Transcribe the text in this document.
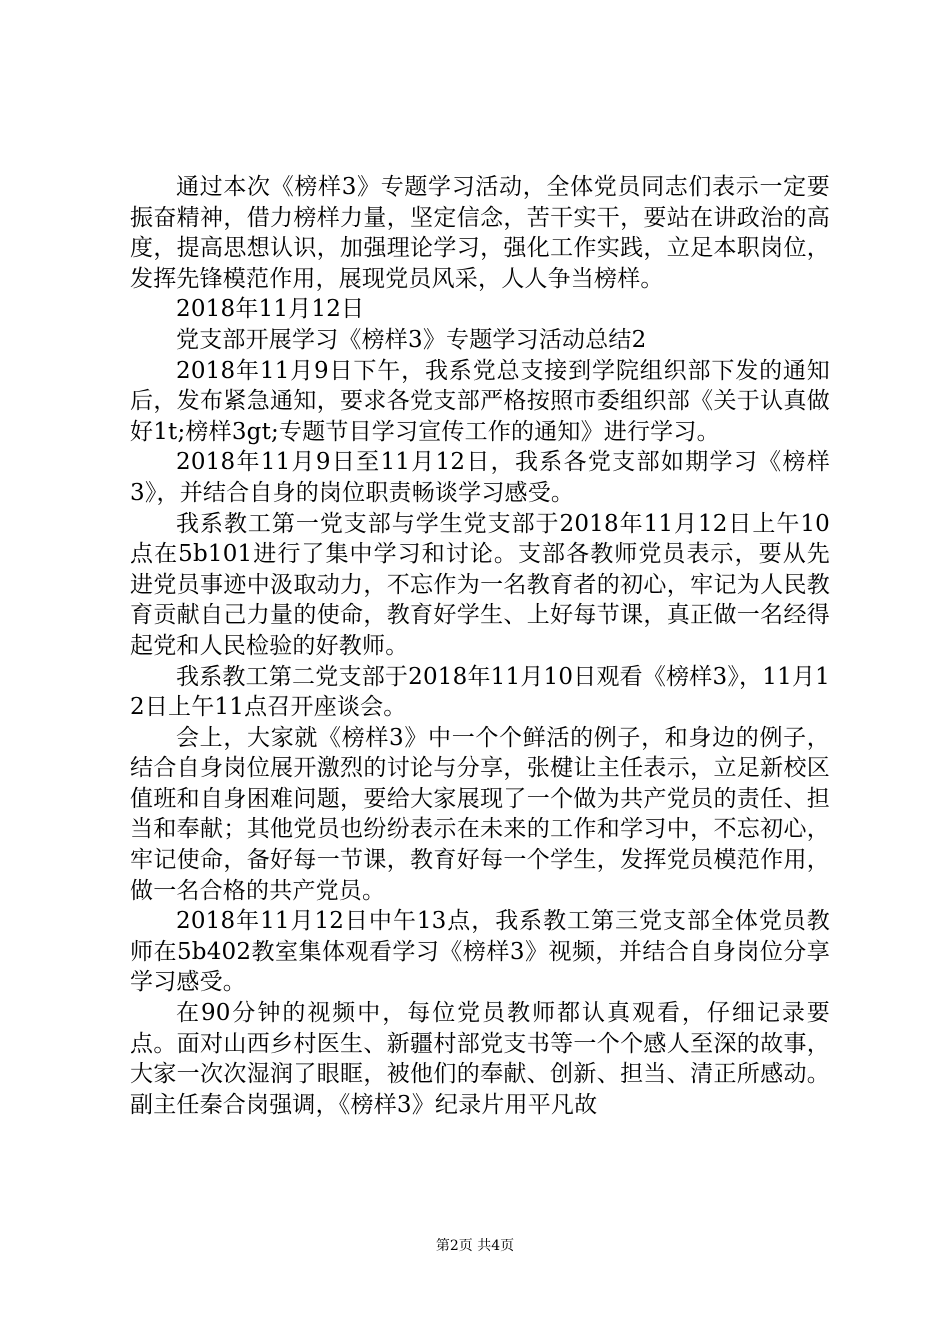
通过本次《榜样3》专题学习活动，全体党员同志们表示一定要振奋精神，借力榜样力量，坚定信念，苦干实干，要站在讲政治的高度，提高思想认识，加强理论学习，强化工作实践，立足本职岗位，发挥先锋模范作用，展现党员风采，人人争当榜样。

2018年11月12日

党支部开展学习《榜样3》专题学习活动总结2

2018年11月9日下午，我系党总支接到学院组织部下发的通知后，发布紧急通知，要求各党支部严格按照市委组织部《关于认真做好1t;榜样3gt;专题节目学习宣传工作的通知》进行学习。

2018年11月9日至11月12日，我系各党支部如期学习《榜样3》，并结合自身的岗位职责畅谈学习感受。

我系教工第一党支部与学生党支部于2018年11月12日上午10点在5b101进行了集中学习和讨论。支部各教师党员表示，要从先进党员事迹中汲取动力，不忘作为一名教育者的初心，牢记为人民教育贡献自己力量的使命，教育好学生、上好每节课，真正做一名经得起党和人民检验的好教师。

我系教工第二党支部于2018年11月10日观看《榜样3》，11月12日上午11点召开座谈会。

会上，大家就《榜样3》中一个个鲜活的例子，和身边的例子，结合自身岗位展开激烈的讨论与分享，张楗让主任表示，立足新校区值班和自身困难问题，要给大家展现了一个做为共产党员的责任、担当和奉献；其他党员也纷纷表示在未来的工作和学习中，不忘初心，牢记使命，备好每一节课，教育好每一个学生，发挥党员模范作用，做一名合格的共产党员。

2018年11月12日中午13点，我系教工第三党支部全体党员教师在5b402教室集体观看学习《榜样3》视频，并结合自身岗位分享学习感受。

在90分钟的视频中，每位党员教师都认真观看，仔细记录要点。面对山西乡村医生、新疆村部党支书等一个个感人至深的故事，大家一次次湿润了眼眶，被他们的奉献、创新、担当、清正所感动。副主任秦合岗强调，《榜样3》纪录片用平凡故

第2页 共4页
